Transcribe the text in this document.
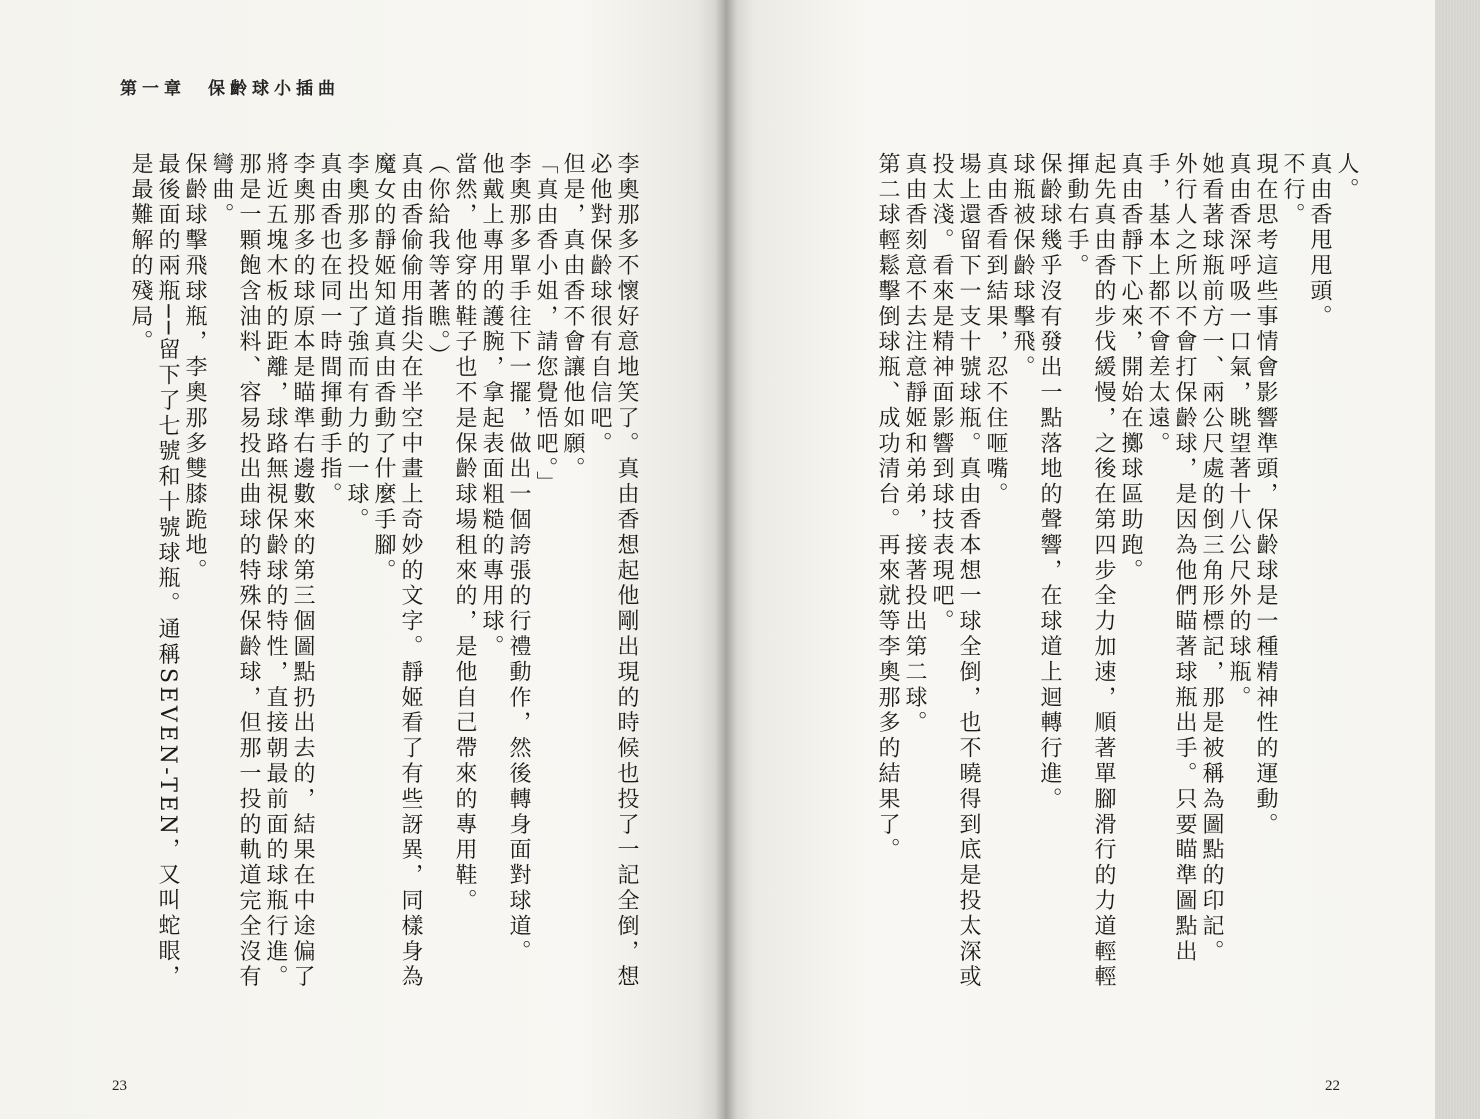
第一章　保齡球小插曲

李奧那多不懷好意地笑了。真由香想起他剛出現的時候也投了一記全倒，想必他對保齡球很有自信吧。

但是，真由香不會讓他如願。

「真由香小姐，請您覺悟吧。」

李奧那多單手往下一擺，做出一個誇張的行禮動作，然後轉身面對球道。

他戴上專用的護腕，拿起表面粗糙的專用球。

當然，他穿的鞋子也不是保齡球場租來的，是他自己帶來的專用鞋。

（你給我等著瞧。）

真由香偷偷用指尖在半空中畫上奇妙的文字。靜姬看了有些訝異，同樣身為魔女的靜姬知道真由香動了什麼手腳。

李奧那多投出了強而有力的一球。

真由香也在同一時間揮動手指。

李奧那多的球原本是瞄準右邊數來的第三個圖點扔出去的，結果在中途偏了將近五塊木板的距離，球路無視保齡球的特性，直接朝最前面的球瓶行進。那是一顆飽含油料、容易投出曲球的特殊保齡球，但那一投的軌道完全沒有彎曲。

保齡球擊飛球瓶，李奧那多雙膝跪地。

最後面的兩瓶──留下了七號和十號球瓶。通稱SEVEN-TEN，又叫蛇眼，是最難解的殘局。

23

人。

真由香甩甩頭。

不行。

現在思考這些事情會影響準頭，保齡球是一種精神性的運動。

真由香深呼吸一口氣，眺望著十八公尺外的球瓶。

她看著球瓶前方一、兩公尺處的倒三角形標記，那是被稱為圖點的印記。

外行人之所以不會打保齡球，是因為他們瞄著球瓶出手。只要瞄準圖點出手，基本上都不會差太遠。

真由香靜下心來，開始在擲球區助跑。

起先真由香的步伐緩慢，之後在第四步全力加速，順著單腳滑行的力道輕輕揮動右手。

保齡球幾乎沒有發出一點落地的聲響，在球道上迴轉行進。

球瓶被保齡球擊飛。

真由香看到結果，忍不住咂嘴。

場上還留下一支十號球瓶。真由香本想一球全倒，也不曉得到底是投太深或投太淺。看來是精神面影響到球技表現吧。

真由香刻意不去注意靜姬和弟弟，接著投出第二球。

第二球輕鬆擊倒球瓶、成功清台。再來就等李奧那多的結果了。

22
